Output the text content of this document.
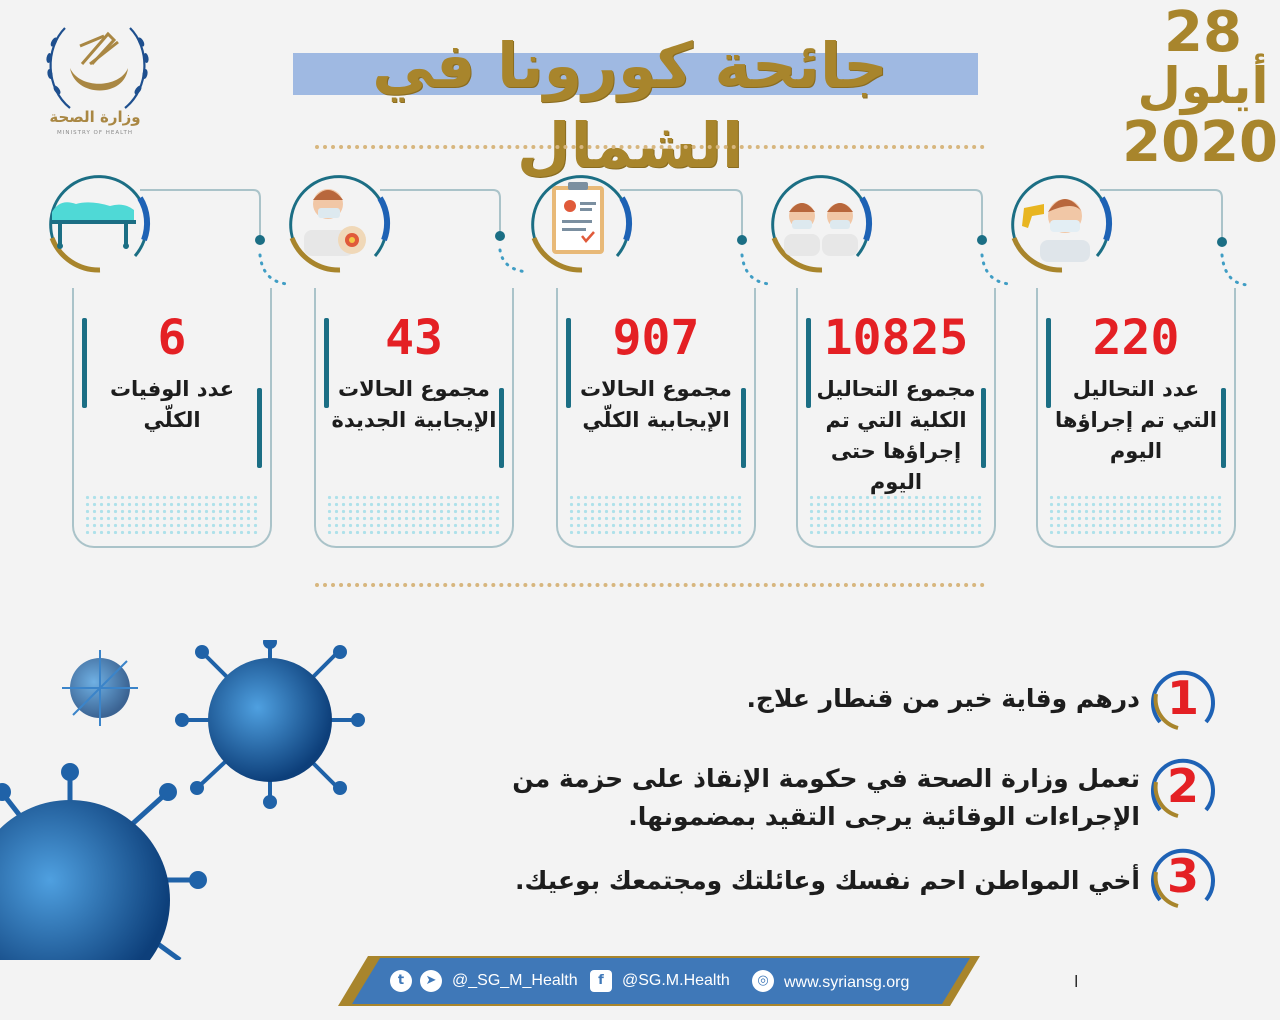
وزارة الصحة
MINISTRY OF HEALTH
جائحة كورونا في الشمال
28
أيلول
2020
220
عدد التحاليل التي تم إجراؤها اليوم
10825
مجموع التحاليل الكلية التي تم إجراؤها حتى اليوم
907
مجموع الحالات الإيجابية الكلّي
43
مجموع الحالات الإيجابية الجديدة
6
عدد الوفيات الكلّي
1
درهم وقاية خير من قنطار علاج.
2
تعمل وزارة الصحة في حكومة الإنقاذ على حزمة من الإجراءات الوقائية يرجى التقيد بمضمونها.
3
أخي المواطن احم نفسك وعائلتك ومجتمعك بوعيك.
t	➤ @_SG_M_Health	f	@SG.M.Health	◎ www.syriansg.org	ا
